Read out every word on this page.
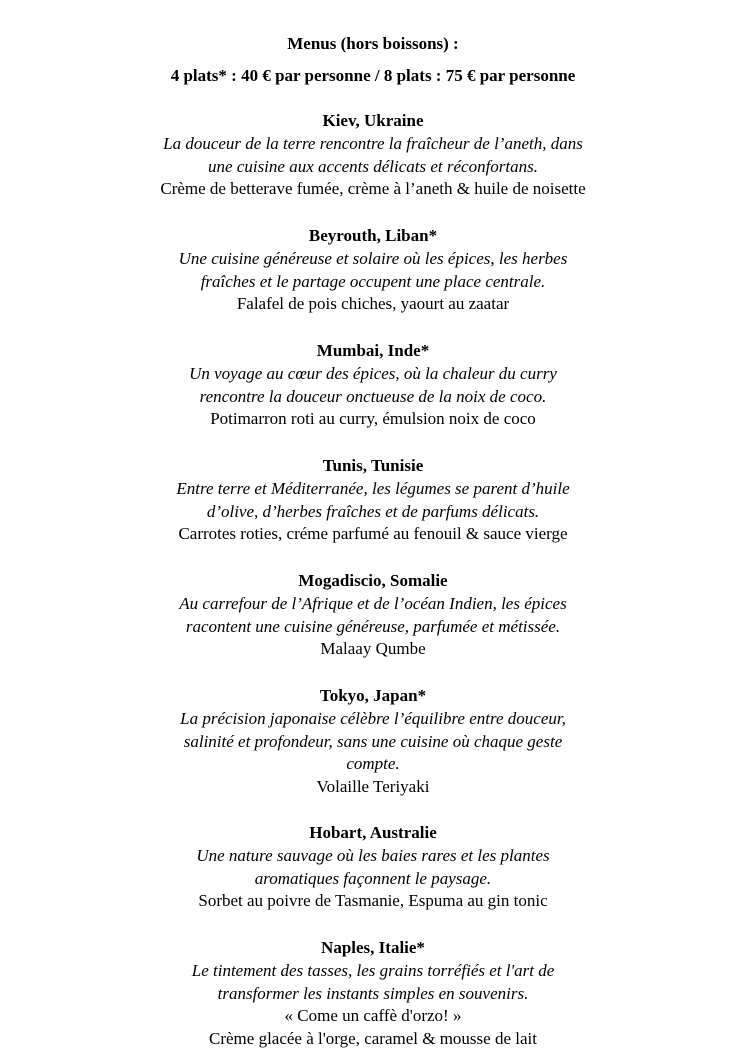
Menus (hors boissons) :
4 plats* : 40 € par personne / 8 plats : 75 € par personne
Kiev, Ukraine
La douceur de la terre rencontre la fraîcheur de l’aneth, dans
une cuisine aux accents délicats et réconfortans.
Crème de betterave fumée, crème à l’aneth & huile de noisette
Beyrouth, Liban*
Une cuisine généreuse et solaire où les épices, les herbes
fraîches et le partage occupent une place centrale.
Falafel de pois chiches, yaourt au zaatar
Mumbai, Inde*
Un voyage au cœur des épices, où la chaleur du curry
rencontre la douceur onctueuse de la noix de coco.
Potimarron roti au curry, émulsion noix de coco
Tunis, Tunisie
Entre terre et Méditerranée, les légumes se parent d’huile
d’olive, d’herbes fraîches et de parfums délicats.
Carrotes roties, créme parfumé au fenouil & sauce vierge
Mogadiscio, Somalie
Au carrefour de l’Afrique et de l’océan Indien, les épices
racontent une cuisine généreuse, parfumée et métissée.
Malaay Qumbe
Tokyo, Japan*
La précision japonaise célèbre l’équilibre entre douceur,
salinité et profondeur, sans une cuisine où chaque geste
compte.
Volaille Teriyaki
Hobart, Australie
Une nature sauvage où les baies rares et les plantes
aromatiques façonnent le paysage.
Sorbet au poivre de Tasmanie, Espuma au gin tonic
Naples, Italie*
Le tintement des tasses, les grains torréfiés et l'art de
transformer les instants simples en souvenirs.
« Come un caffè d'orzo! »
Crème glacée à l'orge, caramel & mousse de lait
